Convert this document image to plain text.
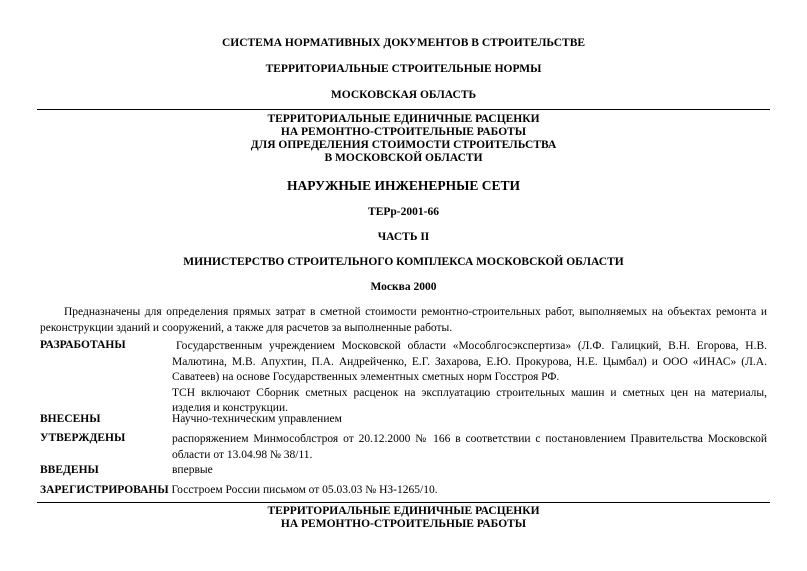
СИСТЕМА НОРМАТИВНЫХ ДОКУМЕНТОВ В СТРОИТЕЛЬСТВЕ
ТЕРРИТОРИАЛЬНЫЕ СТРОИТЕЛЬНЫЕ НОРМЫ
МОСКОВСКАЯ ОБЛАСТЬ
ТЕРРИТОРИАЛЬНЫЕ ЕДИНИЧНЫЕ РАСЦЕНКИ
НА РЕМОНТНО-СТРОИТЕЛЬНЫЕ РАБОТЫ
ДЛЯ ОПРЕДЕЛЕНИЯ СТОИМОСТИ СТРОИТЕЛЬСТВА
В МОСКОВСКОЙ ОБЛАСТИ
НАРУЖНЫЕ ИНЖЕНЕРНЫЕ СЕТИ
ТЕРр-2001-66
ЧАСТЬ II
МИНИСТЕРСТВО СТРОИТЕЛЬНОГО КОМПЛЕКСА МОСКОВСКОЙ ОБЛАСТИ
Москва 2000
Предназначены для определения прямых затрат в сметной стоимости ремонтно-строительных работ, выполняемых на объектах ремонта и реконструкции зданий и сооружений, а также для расчетов за выполненные работы.
РАЗРАБОТАНЫ	Государственным учреждением Московской области «Мособлгосэкспертиза» (Л.Ф. Галицкий, В.Н. Егорова, Н.В. Малютина, М.В. Апухтин, П.А. Андрейченко, Е.Г. Захарова, Е.Ю. Прокурова, Н.Е. Цымбал) и ООО «ИНАС» (Л.А. Саватеев) на основе Государственных элементных сметных норм Госстроя РФ.
ТСН включают Сборник сметных расценок на эксплуатацию строительных машин и сметных цен на материалы, изделия и конструкции.
ВНЕСЕНЫ	Научно-техническим управлением
УТВЕРЖДЕНЫ	распоряжением Минмособлстроя от 20.12.2000 № 166 в соответствии с постановлением Правительства Московской области от 13.04.98 № 38/11.
ВВЕДЕНЫ	впервые
ЗАРЕГИСТРИРОВАНЫ Госстроем России письмом от 05.03.03 № НЗ-1265/10.
ТЕРРИТОРИАЛЬНЫЕ ЕДИНИЧНЫЕ РАСЦЕНКИ
НА РЕМОНТНО-СТРОИТЕЛЬНЫЕ РАБОТЫ
